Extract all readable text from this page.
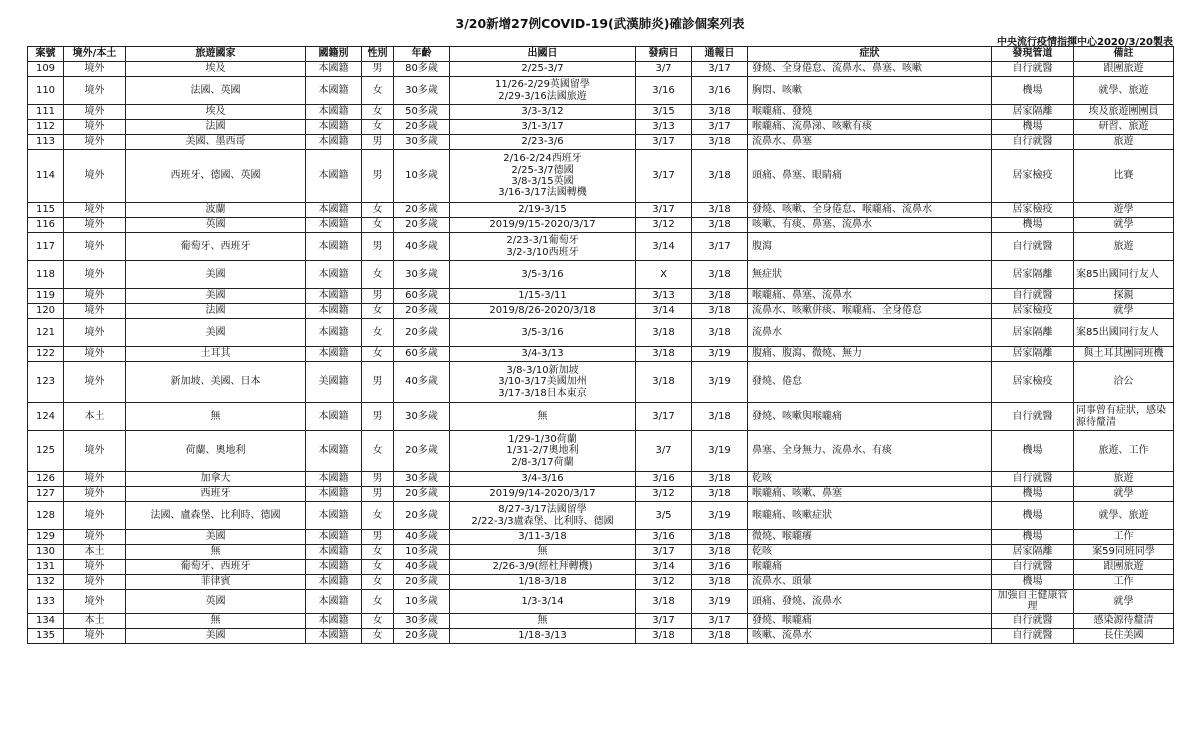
3/20新增27例COVID-19(武漢肺炎)確診個案列表
中央流行疫情指揮中心2020/3/20製表
案號	境外/本土	旅遊國家	國籍別	性別	年齡	出國日	發病日	通報日	症狀	發現管道	備註
109	境外	埃及	本國籍	男	80多歲	2/25-3/7	3/7	3/17	發燒、全身倦怠、流鼻水、鼻塞、咳嗽	自行就醫	跟團旅遊
110	境外	法國、英國	本國籍	女	30多歲	11/26-2/29英國留學
2/29-3/16法國旅遊	3/16	3/16	胸悶、咳嗽	機場	就學、旅遊
111	境外	埃及	本國籍	女	50多歲	3/3-3/12	3/15	3/18	喉嚨痛、發燒	居家隔離	埃及旅遊團團員
112	境外	法國	本國籍	女	20多歲	3/1-3/17	3/13	3/17	喉嚨痛、流鼻涕、咳嗽有痰	機場	研習、旅遊
113	境外	美國、墨西哥	本國籍	男	30多歲	2/23-3/6	3/17	3/18	流鼻水、鼻塞	自行就醫	旅遊
114	境外	西班牙、德國、英國	本國籍	男	10多歲	2/16-2/24西班牙
2/25-3/7德國
3/8-3/15英國
3/16-3/17法國轉機	3/17	3/18	頭痛、鼻塞、眼睛痛	居家檢疫	比賽
115	境外	波蘭	本國籍	女	20多歲	2/19-3/15	3/17	3/18	發燒、咳嗽、全身倦怠、喉嚨痛、流鼻水	居家檢疫	遊學
116	境外	英國	本國籍	女	20多歲	2019/9/15-2020/3/17	3/12	3/18	咳嗽、有痰、鼻塞、流鼻水	機場	就學
117	境外	葡萄牙、西班牙	本國籍	男	40多歲	2/23-3/1葡萄牙
3/2-3/10西班牙	3/14	3/17	腹瀉	自行就醫	旅遊
118	境外	美國	本國籍	女	30多歲	3/5-3/16	X	3/18	無症狀	居家隔離	案85出國同行友人
119	境外	美國	本國籍	男	60多歲	1/15-3/11	3/13	3/18	喉嚨痛、鼻塞、流鼻水	自行就醫	探親
120	境外	法國	本國籍	女	20多歲	2019/8/26-2020/3/18	3/14	3/18	流鼻水、咳嗽併痰、喉嚨痛、全身倦怠	居家檢疫	就學
121	境外	美國	本國籍	女	20多歲	3/5-3/16	3/18	3/18	流鼻水	居家隔離	案85出國同行友人
122	境外	土耳其	本國籍	女	60多歲	3/4-3/13	3/18	3/19	腹痛、腹瀉、微燒、無力	居家隔離	與土耳其團同班機
123	境外	新加坡、美國、日本	美國籍	男	40多歲	3/8-3/10新加坡
3/10-3/17美國加州
3/17-3/18日本東京	3/18	3/19	發燒、倦怠	居家檢疫	洽公
124	本土	無	本國籍	男	30多歲	無	3/17	3/18	發燒、咳嗽與喉嚨痛	自行就醫	同事曾有症狀，感染源待釐清
125	境外	荷蘭、奧地利	本國籍	女	20多歲	1/29-1/30荷蘭
1/31-2/7奧地利
2/8-3/17荷蘭	3/7	3/19	鼻塞、全身無力、流鼻水、有痰	機場	旅遊、工作
126	境外	加拿大	本國籍	男	30多歲	3/4-3/16	3/16	3/18	乾咳	自行就醫	旅遊
127	境外	西班牙	本國籍	男	20多歲	2019/9/14-2020/3/17	3/12	3/18	喉嚨痛、咳嗽、鼻塞	機場	就學
128	境外	法國、盧森堡、比利時、德國	本國籍	女	20多歲	8/27-3/17法國留學
2/22-3/3盧森堡、比利時、德國	3/5	3/19	喉嚨痛、咳嗽症狀	機場	就學、旅遊
129	境外	美國	本國籍	男	40多歲	3/11-3/18	3/16	3/18	微燒、喉嚨癢	機場	工作
130	本土	無	本國籍	女	10多歲	無	3/17	3/18	乾咳	居家隔離	案59同班同學
131	境外	葡萄牙、西班牙	本國籍	女	40多歲	2/26-3/9(經杜拜轉機)	3/14	3/16	喉嚨痛	自行就醫	跟團旅遊
132	境外	菲律賓	本國籍	女	20多歲	1/18-3/18	3/12	3/18	流鼻水、頭暈	機場	工作
133	境外	英國	本國籍	女	10多歲	1/3-3/14	3/18	3/19	頭痛、發燒、流鼻水	加強自主健康管理	就學
134	本土	無	本國籍	女	30多歲	無	3/17	3/17	發燒、喉嚨痛	自行就醫	感染源待釐清
135	境外	美國	本國籍	女	20多歲	1/18-3/13	3/18	3/18	咳嗽、流鼻水	自行就醫	長住美國
